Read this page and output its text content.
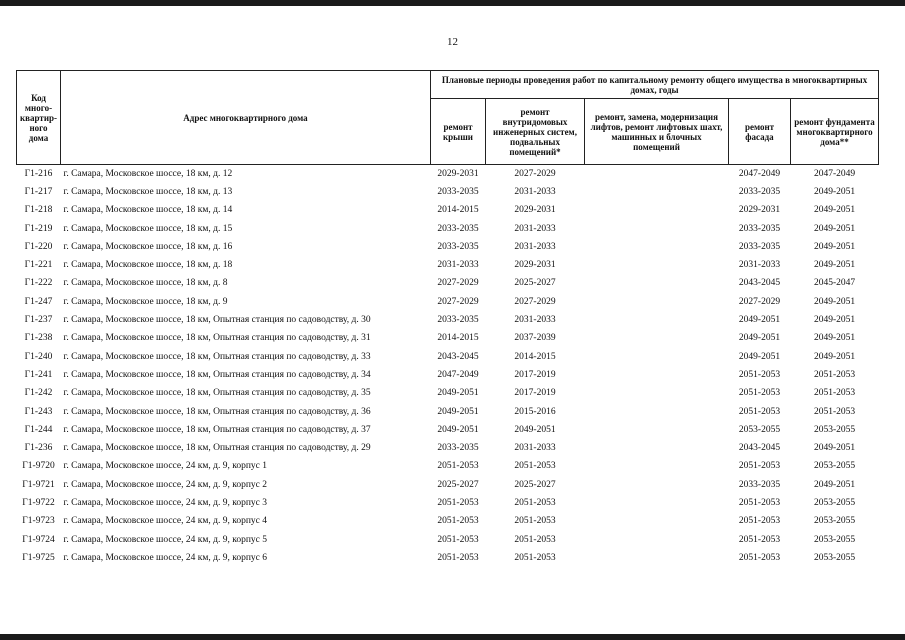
12
Код много-квартир-ного дома	Адрес многоквартирного дома	Плановые периоды проведения работ по капитальному ремонту общего имущества в многоквартирных домах, годы				
		ремонт крыши	ремонт внутридомовых инженерных систем, подвальных помещений*	ремонт, замена, модернизация лифтов, ремонт лифтовых шахт, машинных и блочных помещений	ремонт фасада	ремонт фундамента многоквартирного дома**
Г1-216	г. Самара, Московское шоссе, 18 км, д. 12	2029-2031	2027-2029		2047-2049	2047-2049
Г1-217	г. Самара, Московское шоссе, 18 км, д. 13	2033-2035	2031-2033		2033-2035	2049-2051
Г1-218	г. Самара, Московское шоссе, 18 км, д. 14	2014-2015	2029-2031		2029-2031	2049-2051
Г1-219	г. Самара, Московское шоссе, 18 км, д. 15	2033-2035	2031-2033		2033-2035	2049-2051
Г1-220	г. Самара, Московское шоссе, 18 км, д. 16	2033-2035	2031-2033		2033-2035	2049-2051
Г1-221	г. Самара, Московское шоссе, 18 км, д. 18	2031-2033	2029-2031		2031-2033	2049-2051
Г1-222	г. Самара, Московское шоссе, 18 км, д. 8	2027-2029	2025-2027		2043-2045	2045-2047
Г1-247	г. Самара, Московское шоссе, 18 км, д. 9	2027-2029	2027-2029		2027-2029	2049-2051
Г1-237	г. Самара, Московское шоссе, 18 км, Опытная станция по садоводству, д. 30	2033-2035	2031-2033		2049-2051	2049-2051
Г1-238	г. Самара, Московское шоссе, 18 км, Опытная станция по садоводству, д. 31	2014-2015	2037-2039		2049-2051	2049-2051
Г1-240	г. Самара, Московское шоссе, 18 км, Опытная станция по садоводству, д. 33	2043-2045	2014-2015		2049-2051	2049-2051
Г1-241	г. Самара, Московское шоссе, 18 км, Опытная станция по садоводству, д. 34	2047-2049	2017-2019		2051-2053	2051-2053
Г1-242	г. Самара, Московское шоссе, 18 км, Опытная станция по садоводству, д. 35	2049-2051	2017-2019		2051-2053	2051-2053
Г1-243	г. Самара, Московское шоссе, 18 км, Опытная станция по садоводству, д. 36	2049-2051	2015-2016		2051-2053	2051-2053
Г1-244	г. Самара, Московское шоссе, 18 км, Опытная станция по садоводству, д. 37	2049-2051	2049-2051		2053-2055	2053-2055
Г1-236	г. Самара, Московское шоссе, 18 км, Опытная станция по садоводству, д. 29	2033-2035	2031-2033		2043-2045	2049-2051
Г1-9720	г. Самара, Московское шоссе, 24 км, д. 9, корпус 1	2051-2053	2051-2053		2051-2053	2053-2055
Г1-9721	г. Самара, Московское шоссе, 24 км, д. 9, корпус 2	2025-2027	2025-2027		2033-2035	2049-2051
Г1-9722	г. Самара, Московское шоссе, 24 км, д. 9, корпус 3	2051-2053	2051-2053		2051-2053	2053-2055
Г1-9723	г. Самара, Московское шоссе, 24 км, д. 9, корпус 4	2051-2053	2051-2053		2051-2053	2053-2055
Г1-9724	г. Самара, Московское шоссе, 24 км, д. 9, корпус 5	2051-2053	2051-2053		2051-2053	2053-2055
Г1-9725	г. Самара, Московское шоссе, 24 км, д. 9, корпус 6	2051-2053	2051-2053		2051-2053	2053-2055
